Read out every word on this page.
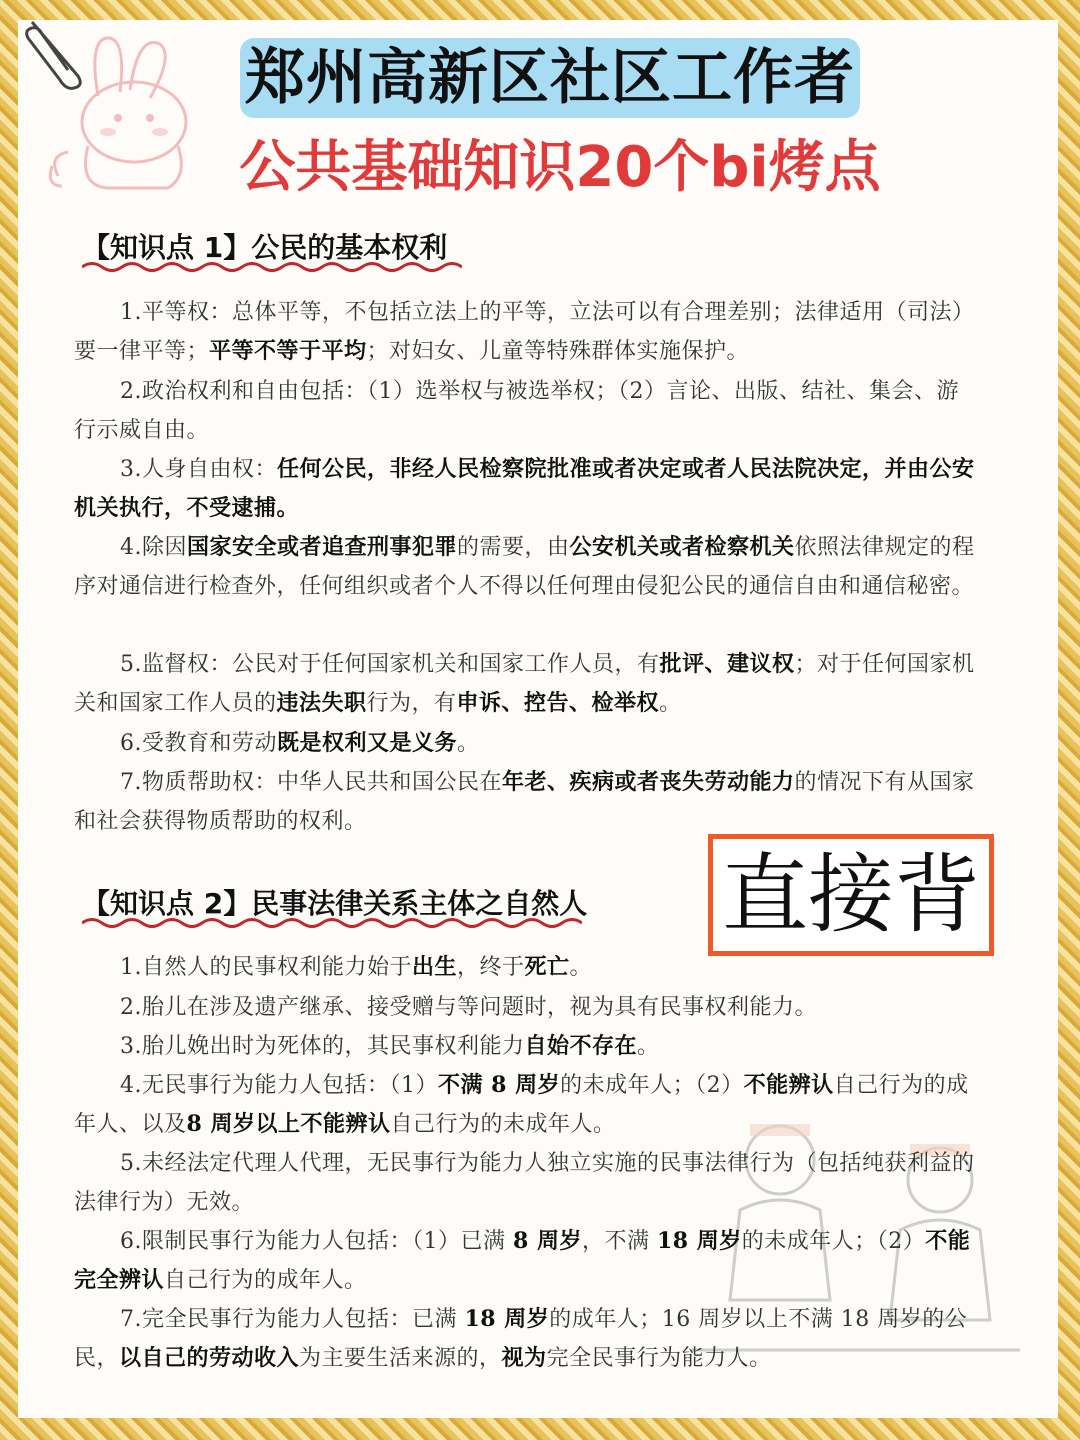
郑州高新区社区工作者
公共基础知识20个bi烤点
【知识点 1】公民的基本权利

1.平等权：总体平等，不包括立法上的平等，立法可以有合理差别；法律适用（司法）要一律平等；平等不等于平均；对妇女、儿童等特殊群体实施保护。

2.政治权利和自由包括：（1）选举权与被选举权；（2）言论、出版、结社、集会、游行示威自由。

3.人身自由权：任何公民，非经人民检察院批准或者决定或者人民法院决定，并由公安机关执行，不受逮捕。

4.除因国家安全或者追查刑事犯罪的需要，由公安机关或者检察机关依照法律规定的程序对通信进行检查外，任何组织或者个人不得以任何理由侵犯公民的通信自由和通信秘密。

5.监督权：公民对于任何国家机关和国家工作人员，有批评、建议权；对于任何国家机关和国家工作人员的违法失职行为，有申诉、控告、检举权。

6.受教育和劳动既是权利又是义务。

7.物质帮助权：中华人民共和国公民在年老、疾病或者丧失劳动能力的情况下有从国家和社会获得物质帮助的权利。

直接背
【知识点 2】民事法律关系主体之自然人

1.自然人的民事权利能力始于出生，终于死亡。

2.胎儿在涉及遗产继承、接受赠与等问题时，视为具有民事权利能力。

3.胎儿娩出时为死体的，其民事权利能力自始不存在。

4.无民事行为能力人包括：（1）不满 8 周岁的未成年人；（2）不能辨认自己行为的成年人、以及8 周岁以上不能辨认自己行为的未成年人。

5.未经法定代理人代理，无民事行为能力人独立实施的民事法律行为（包括纯获利益的法律行为）无效。

6.限制民事行为能力人包括：（1）已满 8 周岁，不满 18 周岁的未成年人；（2）不能完全辨认自己行为的成年人。

7.完全民事行为能力人包括：已满 18 周岁的成年人；16 周岁以上不满 18 周岁的公民，以自己的劳动收入为主要生活来源的，视为完全民事行为能力人。
